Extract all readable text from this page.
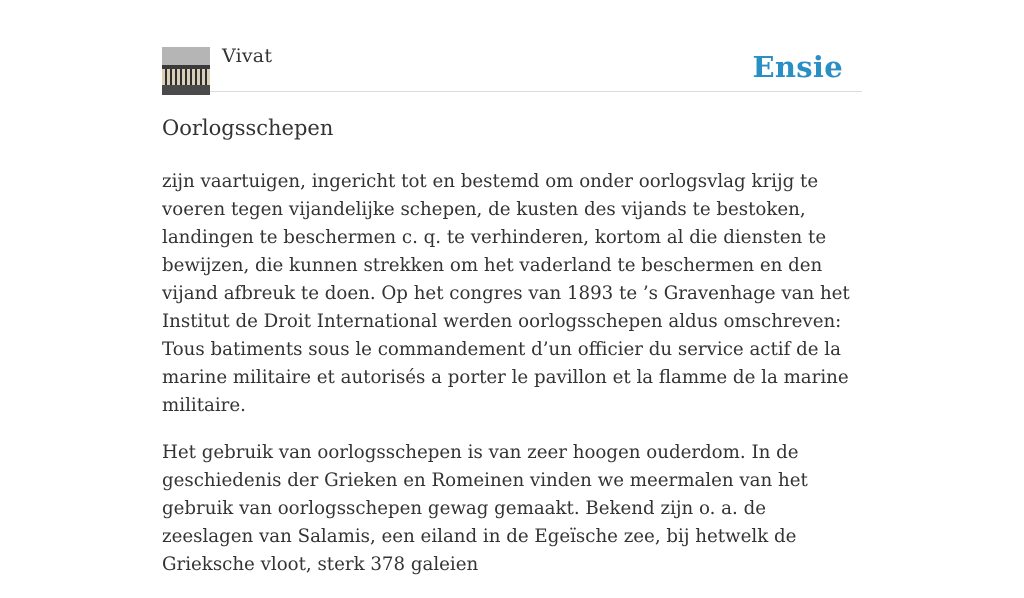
Vivat	Ensie
Oorlogsschepen

zijn vaartuigen, ingericht tot en bestemd om onder oorlogsvlag krijg te voeren tegen vijandelijke schepen, de kusten des vijands te bestoken, landingen te beschermen c. q. te verhinderen, kortom al die diensten te bewijzen, die kunnen strekken om het vaderland te beschermen en den vijand afbreuk te doen. Op het congres van 1893 te ’s Gravenhage van het Institut de Droit International werden oorlogsschepen aldus omschreven: Tous batiments sous le commandement d’un officier du service actif de la marine militaire et autorisés a porter le pavillon et la flamme de la marine militaire.

Het gebruik van oorlogsschepen is van zeer hoogen ouderdom. In de geschiedenis der Grieken en Romeinen vinden we meermalen van het gebruik van oorlogsschepen gewag gemaakt. Bekend zijn o. a. de zeeslagen van Salamis, een eiland in de Egeïsche zee, bij hetwelk de Grieksche vloot, sterk 378 galeien
